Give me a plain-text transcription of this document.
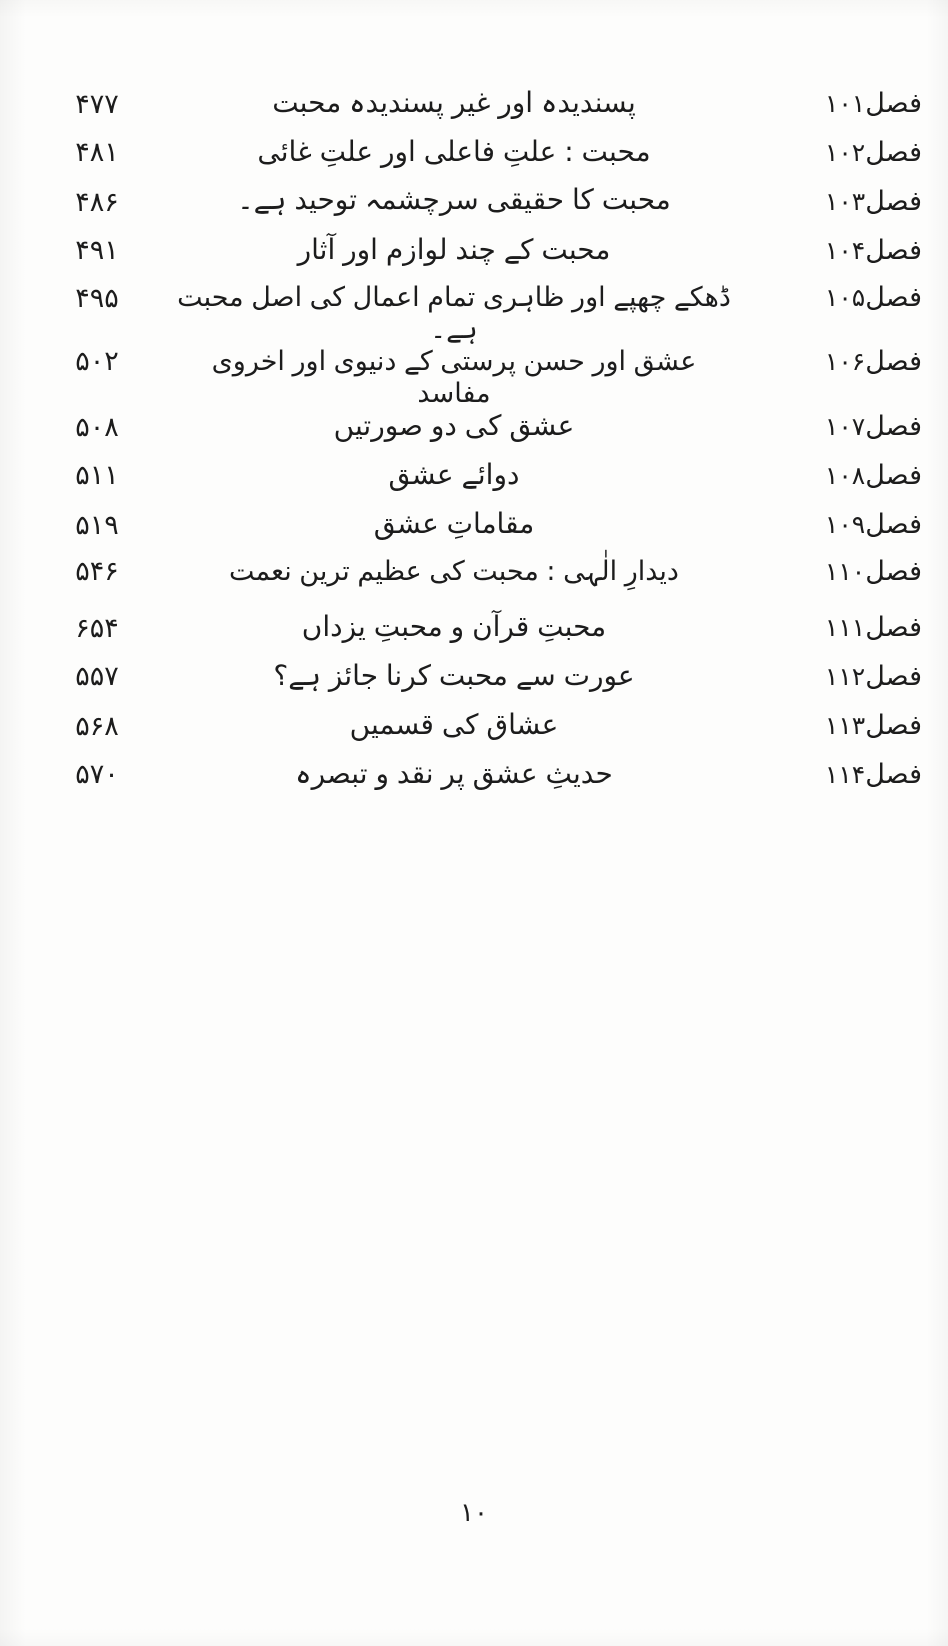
فصل۱۰۱
پسندیدہ اور غیر پسندیدہ محبت
۴۷۷
فصل۱۰۲
محبت : علتِ فاعلی اور علتِ غائی
۴۸۱
فصل۱۰۳
محبت کا حقیقی سرچشمہ توحید ہے۔
۴۸۶
فصل۱۰۴
محبت کے چند لوازم اور آثار
۴۹۱
فصل۱۰۵
ڈھکے چھپے اور ظاہری تمام اعمال کی اصل محبت ہے۔
۴۹۵
فصل۱۰۶
عشق اور حسن پرستی کے دنیوی اور اخروی مفاسد
۵۰۲
فصل۱۰۷
عشق کی دو صورتیں
۵۰۸
فصل۱۰۸
دوائے عشق
۵۱۱
فصل۱۰۹
مقاماتِ عشق
۵۱۹
فصل۱۱۰
دیدارِ الٰہی : محبت کی عظیم ترین نعمت
۵۴۶
فصل۱۱۱
محبتِ قرآن و محبتِ یزداں
۶۵۴
فصل۱۱۲
عورت سے محبت کرنا جائز ہے؟
۵۵۷
فصل۱۱۳
عشاق کی قسمیں
۵۶۸
فصل۱۱۴
حدیثِ عشق پر نقد و تبصرہ
۵۷۰
۱۰
